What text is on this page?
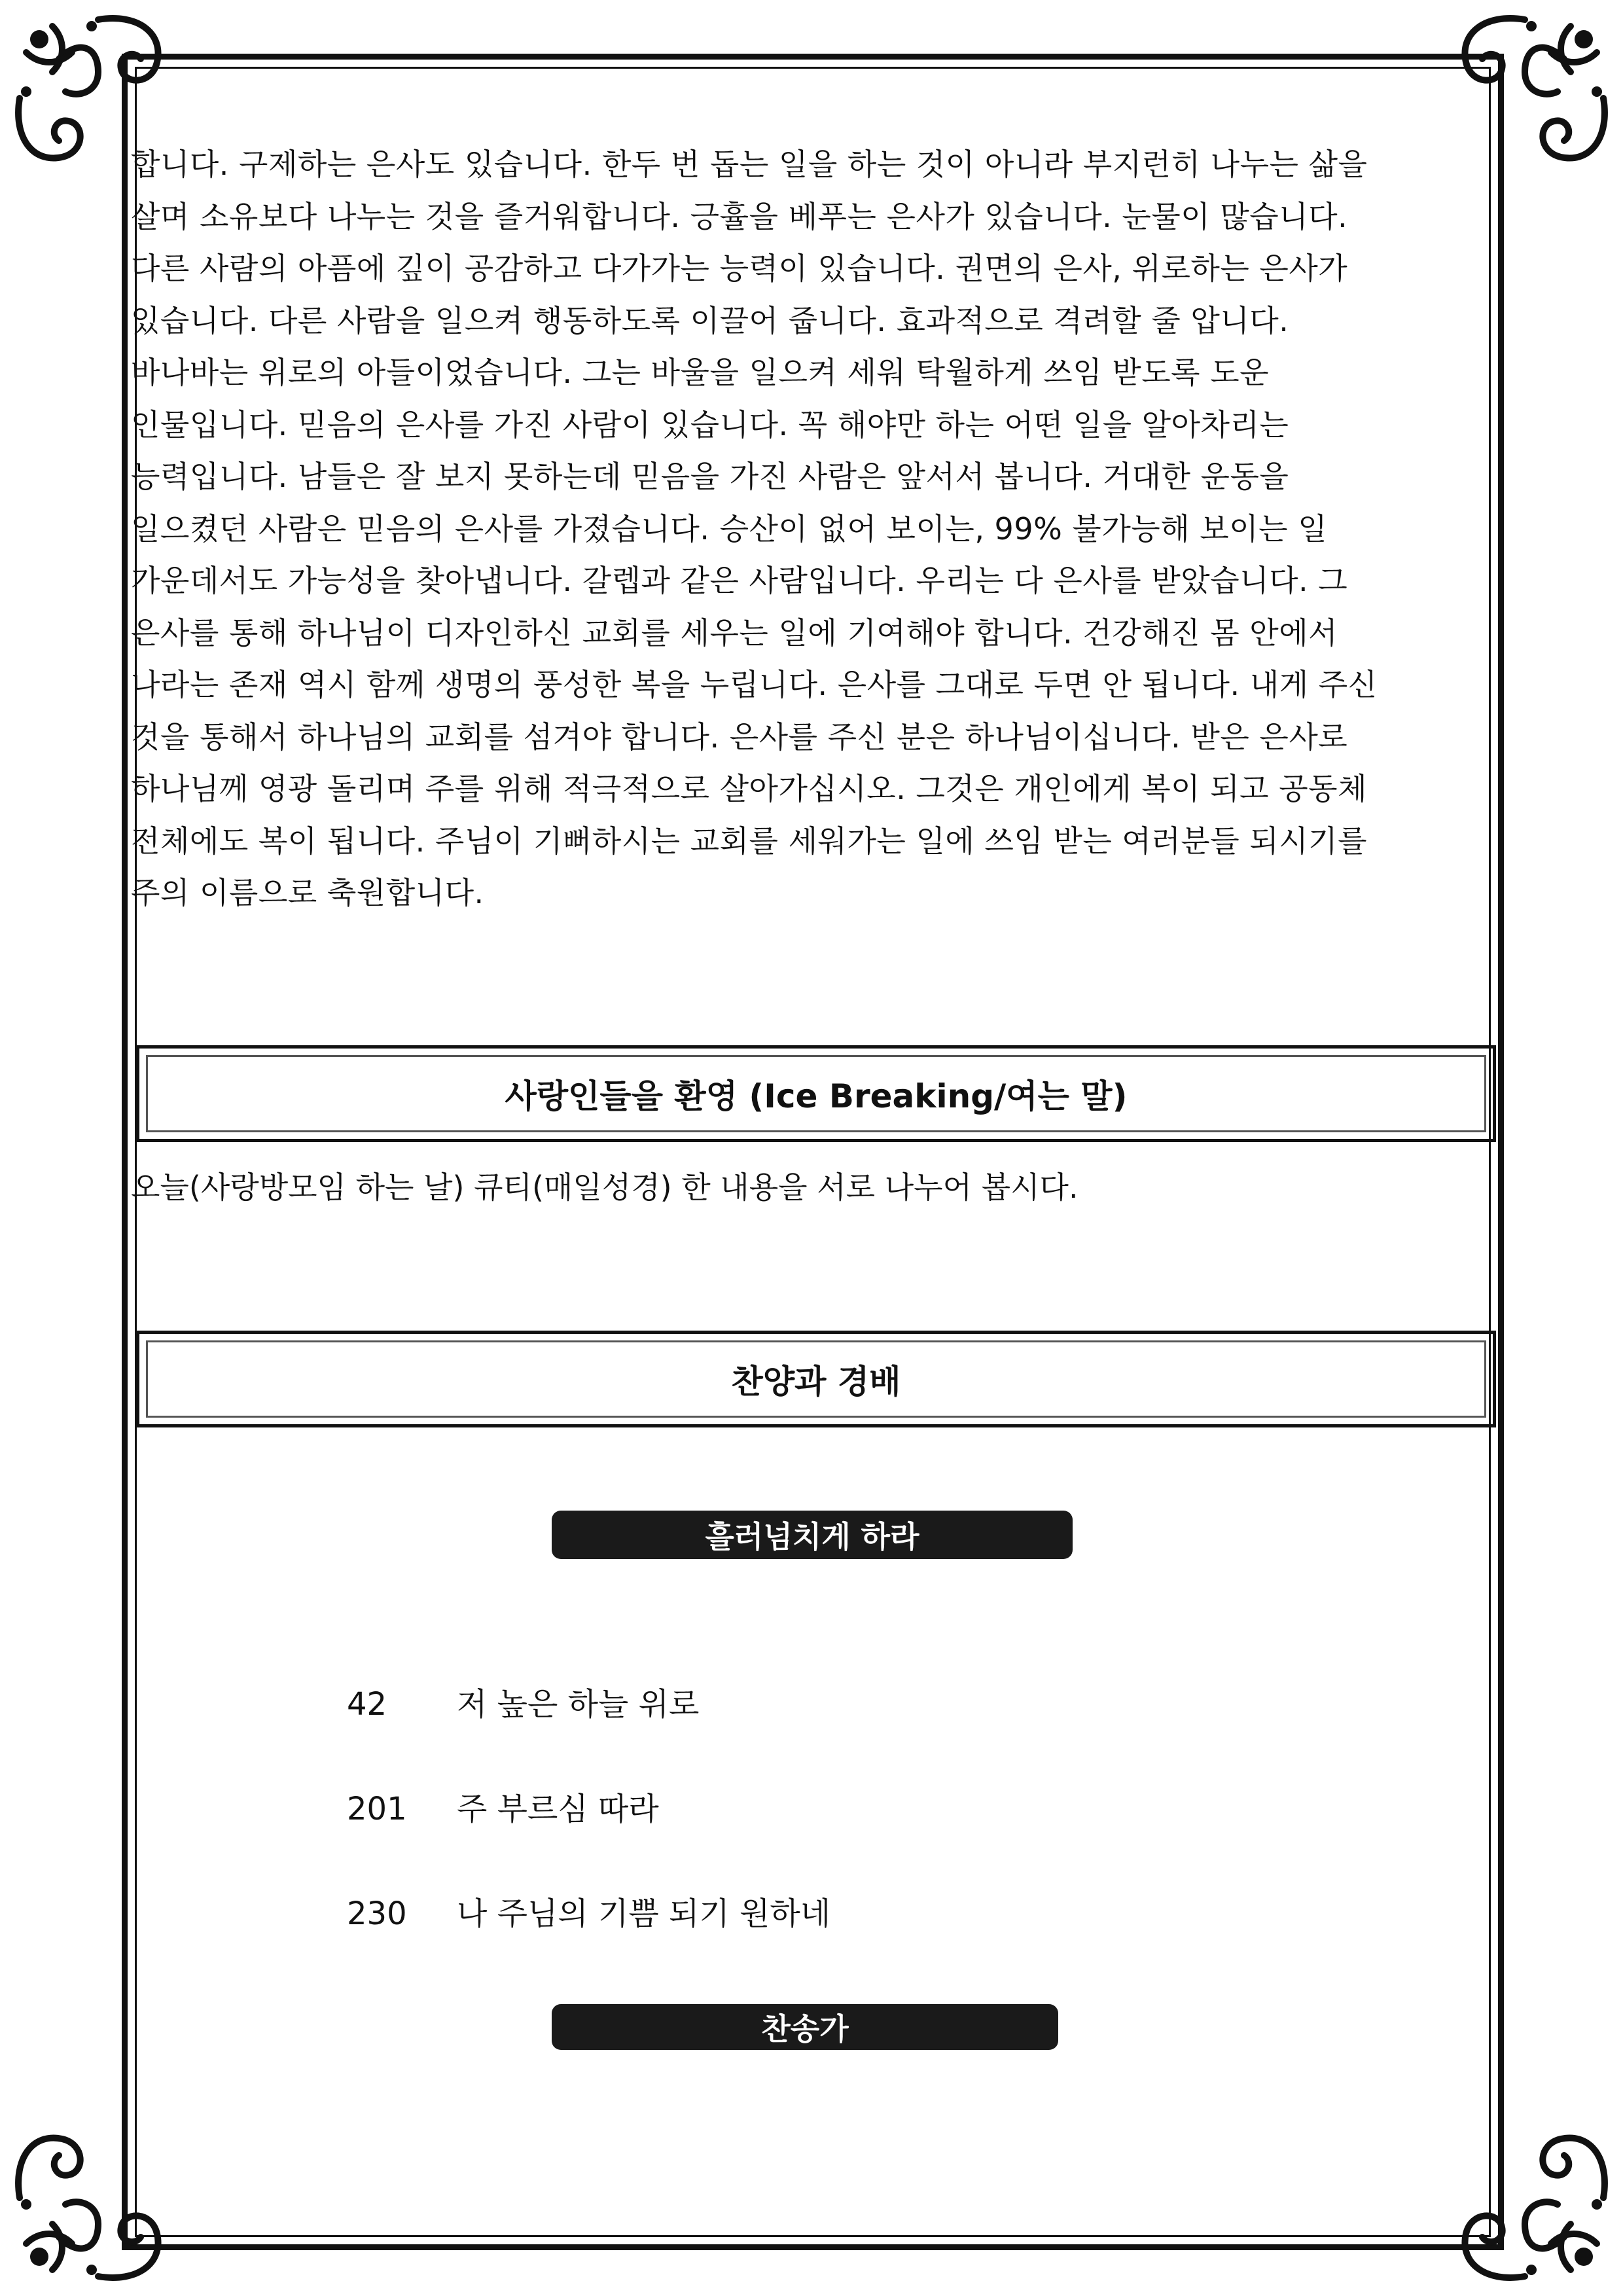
합니다. 구제하는 은사도 있습니다. 한두 번 돕는 일을 하는 것이 아니라 부지런히 나누는 삶을
살며 소유보다 나누는 것을 즐거워합니다. 긍휼을 베푸는 은사가 있습니다. 눈물이 많습니다.
다른 사람의 아픔에 깊이 공감하고 다가가는 능력이 있습니다. 권면의 은사, 위로하는 은사가
있습니다. 다른 사람을 일으켜 행동하도록 이끌어 줍니다. 효과적으로 격려할 줄 압니다.
바나바는 위로의 아들이었습니다. 그는 바울을 일으켜 세워 탁월하게 쓰임 받도록 도운
인물입니다. 믿음의 은사를 가진 사람이 있습니다. 꼭 해야만 하는 어떤 일을 알아차리는
능력입니다. 남들은 잘 보지 못하는데 믿음을 가진 사람은 앞서서 봅니다. 거대한 운동을
일으켰던 사람은 믿음의 은사를 가졌습니다. 승산이 없어 보이는, 99% 불가능해 보이는 일
가운데서도 가능성을 찾아냅니다. 갈렙과 같은 사람입니다. 우리는 다 은사를 받았습니다. 그
은사를 통해 하나님이 디자인하신 교회를 세우는 일에 기여해야 합니다. 건강해진 몸 안에서
나라는 존재 역시 함께 생명의 풍성한 복을 누립니다. 은사를 그대로 두면 안 됩니다. 내게 주신
것을 통해서 하나님의 교회를 섬겨야 합니다. 은사를 주신 분은 하나님이십니다. 받은 은사로
하나님께 영광 돌리며 주를 위해 적극적으로 살아가십시오. 그것은 개인에게 복이 되고 공동체
전체에도 복이 됩니다. 주님이 기뻐하시는 교회를 세워가는 일에 쓰임 받는 여러분들 되시기를
주의 이름으로 축원합니다.

사랑인들을 환영 (Ice Breaking/여는 말)
오늘(사랑방모임 하는 날) 큐티(매일성경) 한 내용을 서로 나누어 봅시다.
찬양과 경배
흘러넘치게 하라
42 저 높은 하늘 위로
201 주 부르심 따라
230 나 주님의 기쁨 되기 원하네
찬송가
